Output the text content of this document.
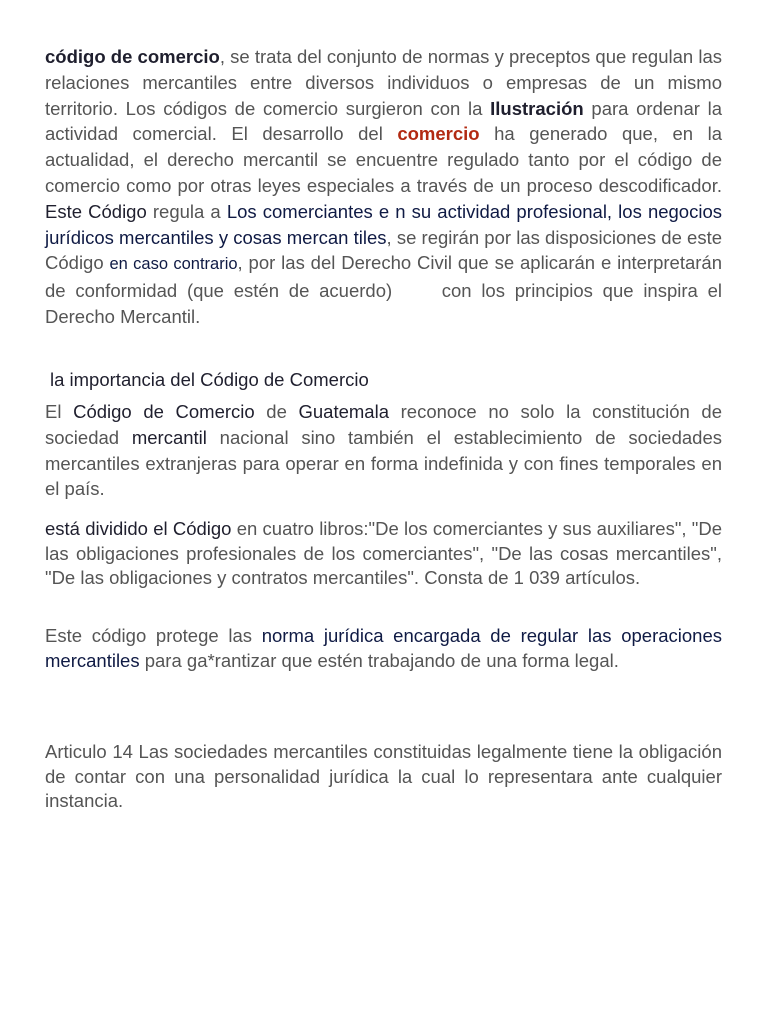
código de comercio, se trata del conjunto de normas y preceptos que regulan las relaciones mercantiles entre diversos individuos o empresas de un mismo territorio. Los códigos de comercio surgieron con la Ilustración para ordenar la actividad comercial. El desarrollo del comercio ha generado que, en la actualidad, el derecho mercantil se encuentre regulado tanto por el código de comercio como por otras leyes especiales a través de un proceso descodificador. Este Código regula a Los comerciantes e n su actividad profesional, los negocios jurídicos mercantiles y cosas mercan tiles, se regirán por las disposiciones de este Código en caso contrario, por las del Derecho Civil que se aplicarán e interpretarán de conformidad (que estén de acuerdo)	con los principios que inspira el Derecho Mercantil.

la importancia del Código de Comercio

El Código de Comercio de Guatemala reconoce no solo la constitución de sociedad mercantil nacional sino también el establecimiento de sociedades mercantiles extranjeras para operar en forma indefinida y con fines temporales en el país.

está dividido el Código en cuatro libros:"De los comerciantes y sus auxiliares", "De las obligaciones profesionales de los comerciantes", "De las cosas mercantiles", "De las obligaciones y contratos mercantiles". Consta de 1 039 artículos.

Este código protege las norma jurídica encargada de regular las operaciones mercantiles para ga*rantizar que estén trabajando de una forma legal.

Articulo 14 Las sociedades mercantiles constituidas legalmente tiene la obligación de contar con una personalidad jurídica la cual lo representara ante cualquier instancia.
